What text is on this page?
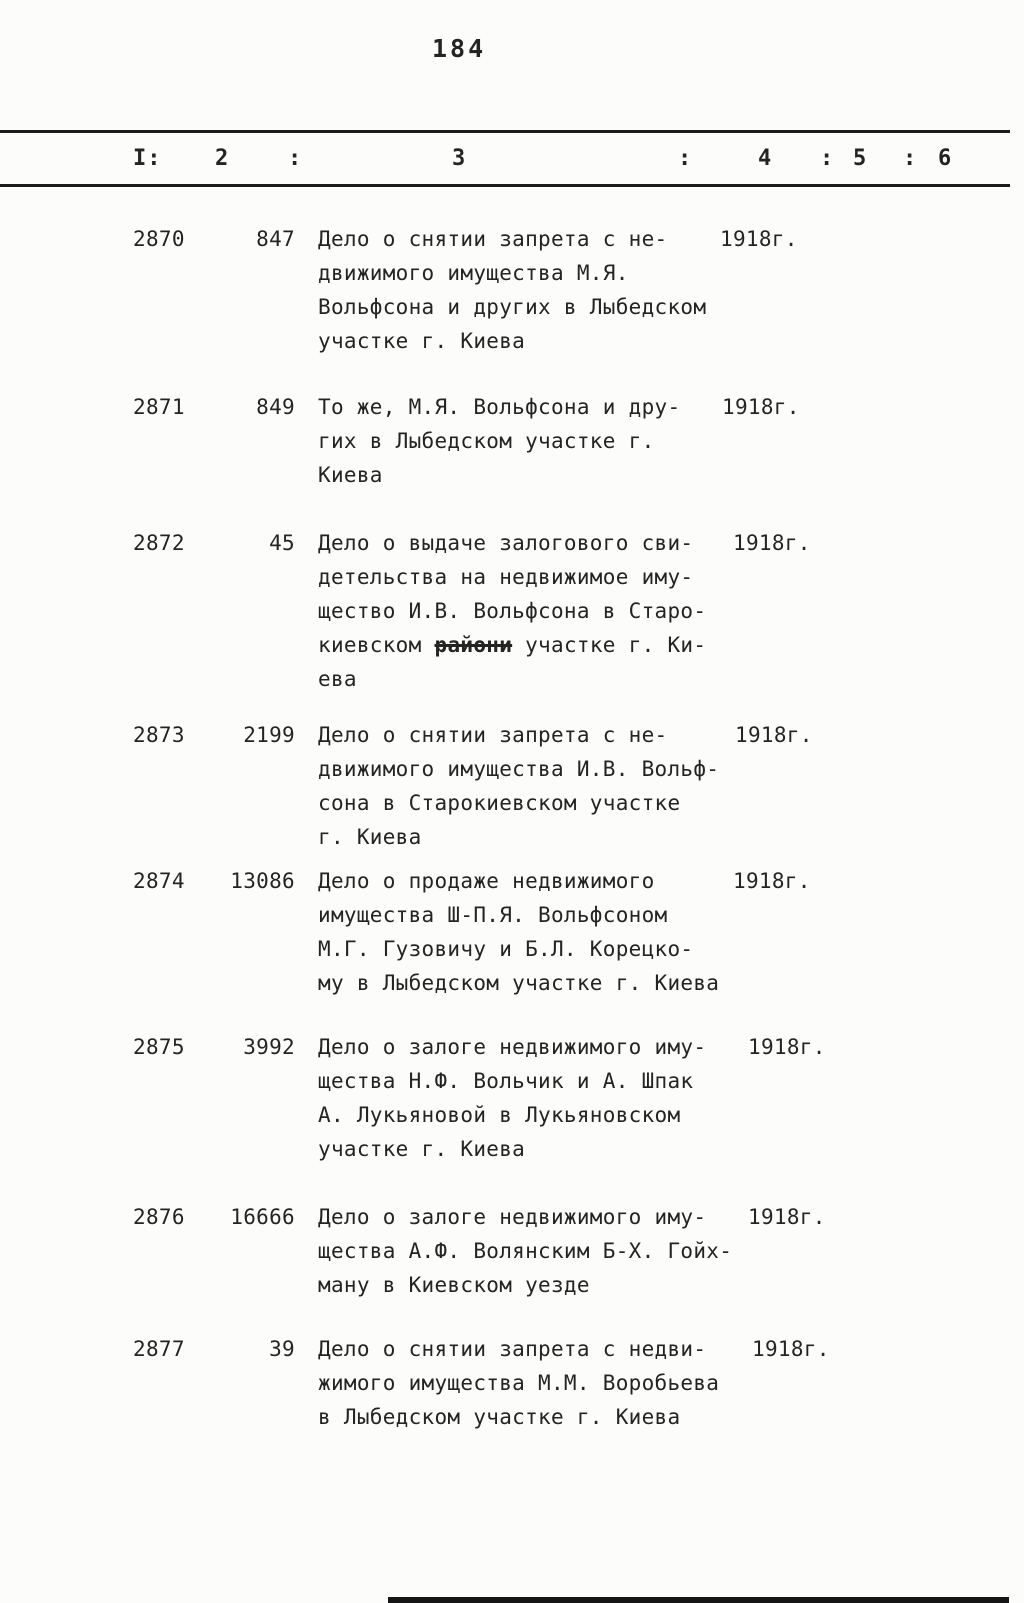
184
I: 2	:	3	:	4 : 5 : 6
2870	847 Дело о снятии запрета с не-
движимого имущества М.Я.
Вольфсона и других в Лыбедском
участке г. Киева
1918г.
2871	849 То же, М.Я. Вольфсона и дру-
гих в Лыбедском участке г.
Киева
1918г.
2872	45 Дело о выдаче залогового сви-
детельства на недвижимое иму-
щество И.В. Вольфсона в Старо-
киевском райони участке г. Ки-
ева
1918г.
2873	2199 Дело о снятии запрета с не-
движимого имущества И.В. Вольф-
сона в Старокиевском участке
г. Киева
1918г.
2874	13086 Дело о продаже недвижимого
имущества Ш-П.Я. Вольфсоном
М.Г. Гузовичу и Б.Л. Корецко-
му в Лыбедском участке г. Киева
1918г.
2875	3992 Дело о залоге недвижимого иму-
щества Н.Ф. Вольчик и А. Шпак
А. Лукьяновой в Лукьяновском
участке г. Киева
1918г.
2876	16666 Дело о залоге недвижимого иму-
щества А.Ф. Волянским Б-Х. Гойх-
ману в Киевском уезде
1918г.
2877	39 Дело о снятии запрета с недви-
жимого имущества М.М. Воробьева
в Лыбедском участке г. Киева
1918г.
